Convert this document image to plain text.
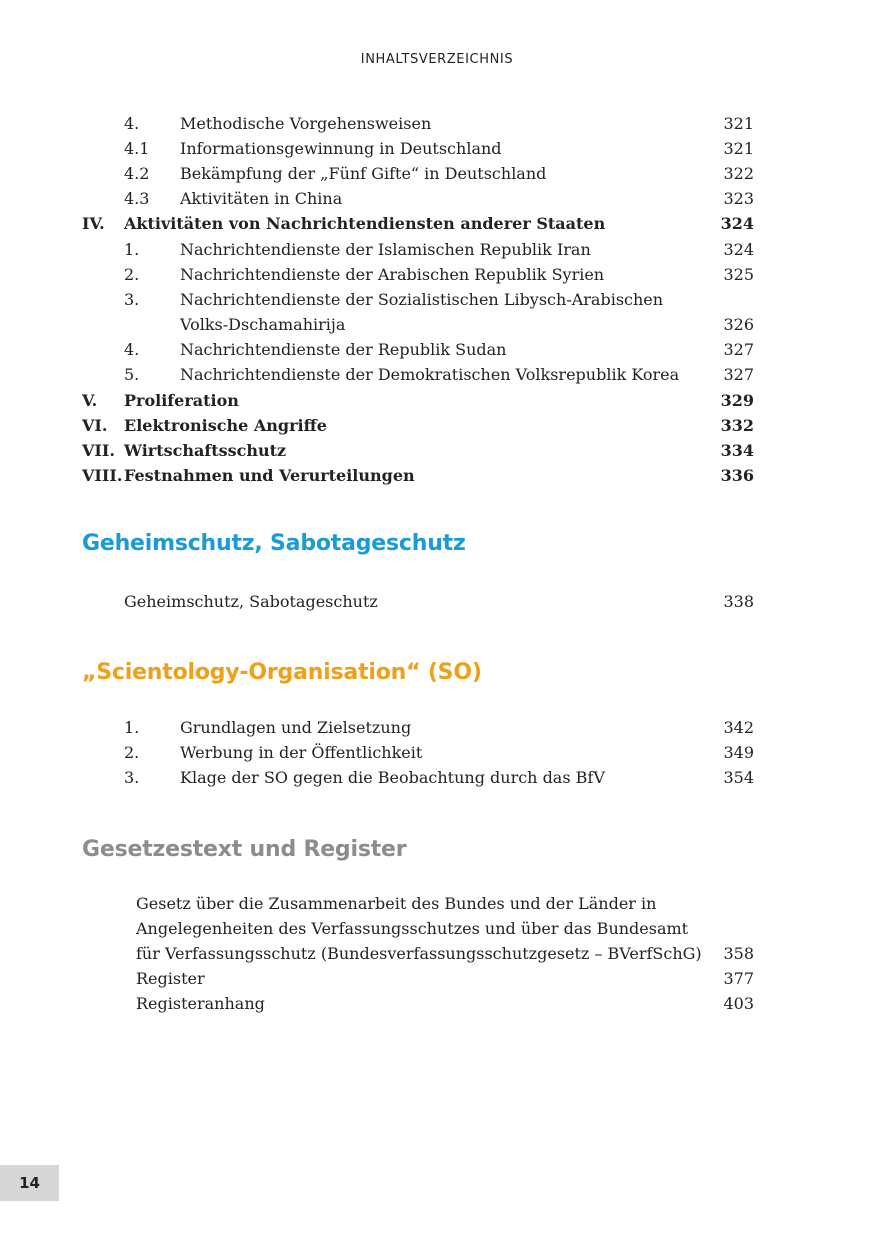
INHALTSVERZEICHNIS
4.	Methodische Vorgehensweisen	321
4.1 Informationsgewinnung in Deutschland	321
4.2 Bekämpfung der „Fünf Gifte“ in Deutschland	322
4.3 Aktivitäten in China	323
IV. Aktivitäten von Nachrichtendiensten anderer Staaten	324
1.	Nachrichtendienste der Islamischen Republik Iran	324
2.	Nachrichtendienste der Arabischen Republik Syrien	325
3.	Nachrichtendienste der Sozialistischen Libysch-Arabischen
Volks-Dschamahirija	326
4.	Nachrichtendienste der Republik Sudan	327
5.	Nachrichtendienste der Demokratischen Volksrepublik Korea	327
V. Proliferation	329
VI. Elektronische Angriffe	332
VII. Wirtschaftsschutz	334
VIII. Festnahmen und Verurteilungen	336
Geheimschutz, Sabotageschutz
Geheimschutz, Sabotageschutz	338
„Scientology-Organisation“ (SO)
1.	Grundlagen und Zielsetzung	342
2.	Werbung in der Öffentlichkeit	349
3.	Klage der SO gegen die Beobachtung durch das BfV	354
Gesetzestext und Register
Gesetz über die Zusammenarbeit des Bundes und der Länder in
Angelegenheiten des Verfassungsschutzes und über das Bundesamt
für Verfassungsschutz (Bundesverfassungsschutzgesetz – BVerfSchG) 358
Register	377
Registeranhang	403
14
